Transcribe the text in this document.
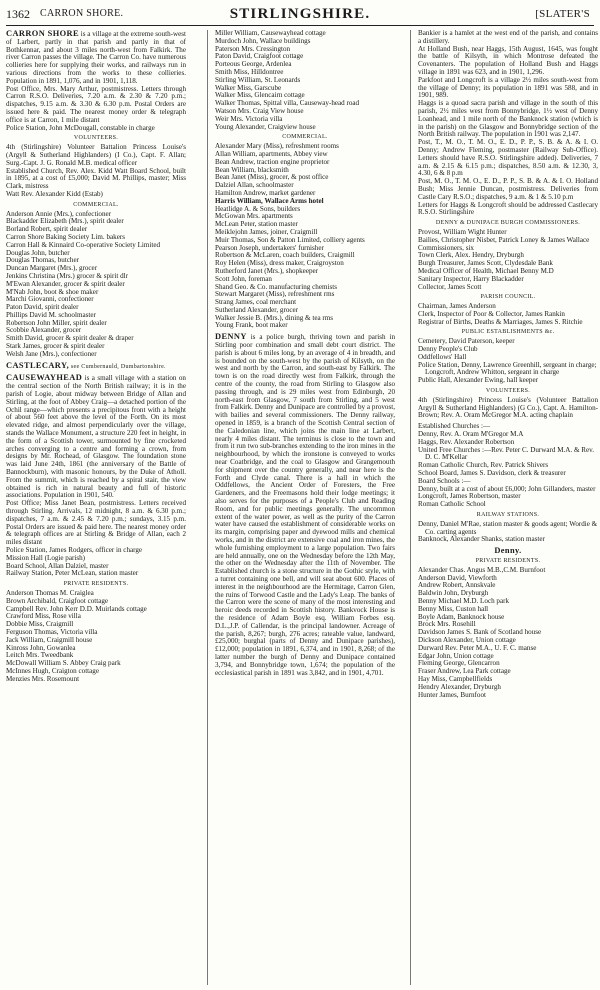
1362 CARRON SHORE.	STIRLINGSHIRE.	[SLATER'S

CARRON SHORE is a village at the extreme south-west of Larbert, partly in that parish and partly in that of Bothkennar, and about 3 miles north-west from Falkirk. The river Carron passes the village. The Carron Co. have numerous collieries here for supplying their works, and railways run in various directions from the works to these collieries. Population in 1891, 1,076, and in 1901, 1,118.

Post Office, Mrs. Mary Arthur, postmistress. Letters through Carron R.S.O. Deliveries, 7.20 a.m. & 2.30 & 7.20 p.m.; dispatches, 9.15 a.m. & 3.30 & 6.30 p.m. Postal Orders are issued here & paid. The nearest money order & telegraph office is at Carron, 1 mile distant

Police Station, John McDougall, constable in charge

VOLUNTEERS.

4th (Stirlingshire) Volunteer Battalion Princess Louise's (Argyll & Sutherland Highlanders) (I Co.), Capt. F. Allan; Surg.-Capt. J. G. Ronald M.B. medical officer

Established Church, Rev. Alex. Kidd Watt Board School, built in 1895, at a cost of £5,000; David M. Phillips, master; Miss Clark, mistress

Watt Rev. Alexander Kidd (Estab)

COMMERCIAL.

Anderson Annie (Mrs.), confectioner

Blackadder Elizabeth (Mrs.), spirit dealer

Borland Robert, spirit dealer

Carron Shore Baking Society Lim. bakers

Carron Hall & Kinnaird Co-operative Society Limited

Douglas John, butcher

Douglas Thomas, butcher

Duncan Margaret (Mrs.), grocer

Jenkins Christina (Mrs.) grocer & spirit dlr

M'Ewan Alexander, grocer & spirit dealer

M'Nab John, boot & shoe maker

Marchi Giovanni, confectioner

Paton David, spirit dealer

Phillips David M. schoolmaster

Robertson John Miller, spirit dealer

Scobbie Alexander, grocer

Smith David, grocer & spirit dealer & draper

Stark James, grocer & spirit dealer

Welsh Jane (Mrs.), confectioner

CASTLECARY, see Cumbernauld, Dumbartonshire.

CAUSEWAYHEAD is a small village with a station on the central section of the North British railway; it is in the parish of Logie, about midway between Bridge of Allan and Stirling, at the foot of Abbey Craig—a detached portion of the Ochil range—which presents a precipitous front with a height of about 560 feet above the level of the Forth. On its most elevated ridge, and almost perpendicularly over the village, stands the Wallace Monument, a structure 220 feet in height, in the form of a Scottish tower, surmounted by fine crocketed arches converging to a centre and forming a crown, from designs by Mr. Rochead, of Glasgow. The foundation stone was laid June 24th, 1861 (the anniversary of the Battle of Bannockburn), with masonic honours, by the Duke of Atholl. From the summit, which is reached by a spiral stair, the view obtained is rich in natural beauty and full of historic associations. Population in 1901, 540.

Post Office; Miss Janet Bean, postmistress. Letters received through Stirling. Arrivals, 12 midnight, 8 a.m. & 6.30 p.m.; dispatches, 7 a.m. & 2.45 & 7.20 p.m.; sundays, 3.15 p.m. Postal Orders are issued & paid here. The nearest money order & telegraph offices are at Stirling & Bridge of Allan, each 2 miles distant

Police Station, James Rodgers, officer in charge

Mission Hall (Logie parish)

Board School, Allan Dalziel, master

Railway Station, Peter McLean, station master

PRIVATE RESIDENTS.

Anderson Thomas M. Craiglea

Brown Archibald, Craigfoot cottage

Campbell Rev. John Kerr D.D. Muirlands cottage

Crawford Miss, Rose villa

Dobbie Miss, Craigmill

Ferguson Thomas, Victoria villa

Jack William, Craigmill house

Kinross John, Gowanlea

Leitch Mrs. Tweedbank

McDowall William S. Abbey Craig park

McInnes Hugh, Craigton cottage

Menzies Mrs. Rosemount

Miller William, Causewayhead cottage

Murdoch John, Wallace buildings

Paterson Mrs. Cressington

Paton David, Craigfoot cottage

Porteous George, Ardenlea

Smith Miss, Hilldontree

Stirling William, St. Leonards

Walker Miss, Garscube

Walker Miss, Glencairn cottage

Walker Thomas, Spittal villa, Causeway-head road

Watson Mrs. Craig View house

Weir Mrs. Victoria villa

Young Alexander, Craigview house

COMMERCIAL.

Alexander Mary (Miss), refreshment rooms

Allan William, apartments, Abbey view

Bean Andrew, traction engine proprietor

Bean William, blacksmith

Bean Janet (Miss), grocer, & post office

Dalziel Allan, schoolmaster

Hamilton Andrew, market gardener

Harris William, Wallace Arms hotel

Heatlidge A. & Sons, builders

McGowan Mrs. apartments

McLean Peter, station master

Meiklejohn James, joiner, Craigmill

Muir Thomas, Son & Patton Limited, colliery agents

Pearson Joseph, undertakers' furnisher

Robertson & McLaren, coach builders, Craigmill

Roy Helen (Miss), dress maker, Craigroyston

Rutherford Janet (Mrs.), shopkeeper

Scott John, foreman

Shand Geo. & Co. manufacturing chemists

Stewart Margaret (Miss), refreshment rms

Strang James, coal merchant

Sutherland Alexander, grocer

Walker Jessie B. (Mrs.), dining & tea rms

Young Frank, boot maker

DENNY is a police burgh, thriving town and parish in Stirling poor combination and small debt court district. The parish is about 6 miles long, by an average of 4 in breadth, and is bounded on the south-west by the parish of Kilsyth, on the west and north by the Carron, and south-east by Falkirk. The town is on the road directly west from Falkirk, through the centre of the county, the road from Stirling to Glasgow also passing through, and is 29 miles west from Edinburgh, 20 north-east from Glasgow, 7 south from Stirling, and 5 west from Falkirk. Denny and Dunipace are controlled by a provost, with bailies and several commissioners. The Denny railway, opened in 1859, is a branch of the Scottish Central section of the Caledonian line, which joins the main line at Larbert, nearly 4 miles distant. The terminus is close to the town and from it run two sub-branches extending to the iron mines in the neighbourhood, by which the ironstone is conveyed to works near Coatbridge, and the coal to Glasgow and Grangemouth for shipment over the country generally, and near here is the Forth and Clyde canal. There is a hall in which the Oddfellows, the Ancient Order of Foresters, the Free Gardeners, and the Freemasons hold their lodge meetings; it also serves for the purposes of a People's Club and Reading Room, and for public meetings generally. The uncommon extent of the water power, as well as the purity of the Carron water have caused the establishment of considerable works on its margin, comprising paper and dyewood mills and chemical works, and in the district are extensive coal and iron mines, the whole furnishing employment to a large population. Two fairs are held annually, one on the Wednesday before the 12th May, the other on the Wednesday after the 11th of November. The Established church is a stone structure in the Gothic style, with a turret containing one bell, and will seat about 600. Places of interest in the neighbourhood are the Hermitage, Carron Glen, the ruins of Torwood Castle and the Lady's Leap. The banks of the Carron were the scene of many of the most interesting and heroic deeds recorded in Scottish history. Bankvock House is the residence of Adam Boyle esq. William Forbes esq. D.L.,J.P. of Callendar, is the principal landowner. Acreage of the parish, 8,267; burgh, 276 acres; rateable value, landward, £25,000; burghal (parts of Denny and Dunipace parishes), £12,000; population in 1891, 6,374, and in 1901, 8,268; of the latter number the burgh of Denny and Dunipace contained 3,794, and Bonnybridge town, 1,674; the population of the ecclesiastical parish in 1891 was 3,842, and in 1901, 4,701.

Bankier is a hamlet at the west end of the parish, and contains a distillery.

At Holland Bush, near Haggs, 15th August, 1645, was fought the battle of Kilsyth, in which Montrose defeated the Covenanters. The population of Holland Bush and Haggs village in 1891 was 623, and in 1901, 1,296.

Parkfoot and Longcroft is a village 2½ miles south-west from the village of Denny; its population in 1891 was 588, and in 1901, 989.

Haggs is a quoad sacra parish and village in the south of this parish, 2½ miles west from Bonnybridge, 1½ west of Denny Loanhead, and 1 mile north of the Banknock station (which is in the parish) on the Glasgow and Bonnybridge section of the North British railway. The population in 1901 was 2,147.

Post, T., M. O., T. M. O., E. D., P. P., S. B. & A. & I. O. Denny; Andrew Fleming, postmaster (Railway Sub-Office). Letters should have R.S.O. Stirlingshire added). Deliveries, 7 a.m. & 2.15 & 6.15 p.m.; dispatches, 8.50 a.m. & 12.30, 3, 4.30, 6 & 8 p.m

Post, M. O., T. M. O., E. D., P. P., S. B. & A. & I. O. Holland Bush; Miss Jennie Duncan, postmistress. Deliveries from Castle Cary R.S.O.; dispatches, 9 a.m. & 1 & 5.10 p.m

Letters for Haggs & Longcroft should be addressed Castlecary R.S.O. Stirlingshire

DENNY & DUNIPACE BURGH COMMISSIONERS.

Provost, William Wight Hunter

Bailies, Christopher Nisbet, Patrick Loney & James Wallace

Commissioners, six

Town Clerk, Alex. Hendry, Dryburgh

Burgh Treasurer, James Scott, Clydesdale Bank

Medical Officer of Health, Michael Benny M.D

Sanitary Inspector, Harry Blackadder

Collector, James Scott

PARISH COUNCIL.

Chairman, James Anderson

Clerk, Inspector of Poor & Collector, James Rankin

Registrar of Births, Deaths & Marriages, James S. Ritchie

PUBLIC ESTABLISHMENTS &c.

Cemetery, David Paterson, keeper

Denny People's Club

Oddfellows' Hall

Police Station, Denny, Lawrence Greenhill, sergeant in charge; Longcroft, Andrew Whitton, sergeant in charge

Public Hall, Alexander Ewing, hall keeper

VOLUNTEERS.

4th (Stirlingshire) Princess Louise's (Volunteer Battalion Argyll & Sutherland Highlanders) (G Co.), Capt. A. Hamilton-Brown; Rev. A. Oram McGregor M.A. acting chaplain

Established Churches :—

Denny, Rev. A. Oram M'Gregor M.A

Haggs, Rev. Alexander Robertson

United Free Churches :—Rev. Peter C. Durward M.A. & Rev. D. C. M'Kellar

Roman Catholic Church, Rev. Patrick Shivers

School Board, James S. Davidson, clerk & treasurer

Board Schools :—

Denny, built at a cost of about £6,000; John Gillanders, master

Longcroft, James Robertson, master

Roman Catholic School

RAILWAY STATIONS.

Denny, Daniel M'Rae, station master & goods agent; Wordie & Co. carting agents

Banknock, Alexander Shanks, station master

Denny.
PRIVATE RESIDENTS.

Alexander Chas. Angus M.B.,C.M. Burnfoot

Anderson David, Viewforth

Andrew Robert, Annskvale

Baldwin John, Dryburgh

Benny Michael M.D. Loch park

Benny Miss, Custon hall

Boyle Adam, Banknock house

Brock Mrs. Rosehill

Davidson James S. Bank of Scotland house

Dickson Alexander, Union cottage

Durward Rev. Peter M.A., U. F. C. manse

Edgar John, Union cottage

Fleming George, Glencarron

Fraser Andrew, Lea Park cottage

Hay Miss, Campbellfields

Hendry Alexander, Dryburgh

Hunter James, Burnfoot
